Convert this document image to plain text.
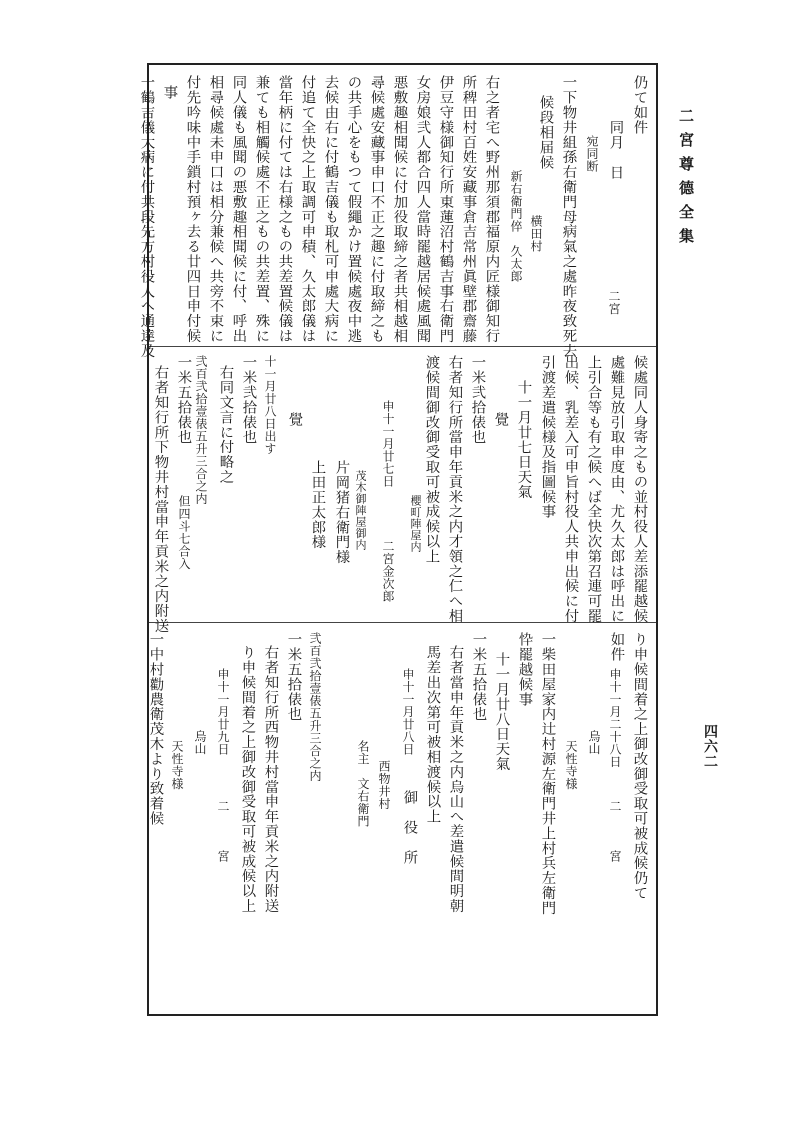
二宮尊德全集
四六二
仍て如件
同月　日
二宮
宛同断
一下物井組孫右衛門母病氣之處昨夜致死去
候段相届候
横田村
新右衛門倅　久太郎
右之者宅へ野州那須郡福原内匠様御知行
所稗田村百姓安藏事倉吉常州眞壁郡齋藤
伊豆守様御知行所東蓮沼村鶴吉事右衛門
女房娘弐人都合四人當時罷越居候處風聞
悪敷趣相聞候に付加役取締之者共相越相
尋候處安藏事申口不正之趣に付取締之も
の共手心をもつて假繩かけ置候處夜中逃
去候由右に付鶴吉儀も取札可申處大病に
付追て全快之上取調可申積、久太郎儀は
當年柄に付ては右様之もの共差置候儀は
兼ても相觸候處不正之もの共差置、殊に
同人儀も風聞の悪敷趣相聞候に付、呼出
相尋候處未申口は相分兼候へ共旁不束に
付先吟味中手鎖村預ヶ去る廿四日申付候
事
一鶴吉儀大病に付共段先方村役人へ通達及
候處同人身寄之もの並村役人差添罷越候
處難見放引取申度由、尤久太郎は呼出に
上引合等も有之候へば全快次第召連可罷
出候、乳差入可申旨村役人共申出候に付
引渡差遣候様及指圖候事
十一月廿七日天氣
覺
一米弐拾俵也
右者知行所當申年貢米之内才領之仁へ相
渡候間御改御受取可被成候以上
櫻町陣屋内
申十一月廿七日
二宮金次郎
茂木御陣屋御内
片岡猪右衛門様
上田正太郎様
覺
十一月廿八日出す
一米弐拾俵也
右同文言に付略之
弐百弐拾壹俵五升三合之内
一米五拾俵也
但四斗七合入
右者知行所下物井村當申年貢米之内附送
り申候間着之上御改御受取可被成候仍て
如件
申十一月二十八日
二
宮
烏山
天性寺様
一柴田屋家内辻村源左衛門井上村兵左衛門
忰罷越候事
十一月廿八日天氣
一米五拾俵也
右者當申年貢米之内烏山へ差遣候間明朝
馬差出次第可被相渡候以上
申十一月廿八日
御　役　所
西物井村
名主　文右衛門
弐百弐拾壹俵五升三合之内
一米五拾俵也
右者知行所西物井村當申年貢米之内附送
り申候間着之上御改御受取可被成候以上
申十一月廿九日
二
宮
烏山
天性寺様
一中村勸農衛茂木より致着候
